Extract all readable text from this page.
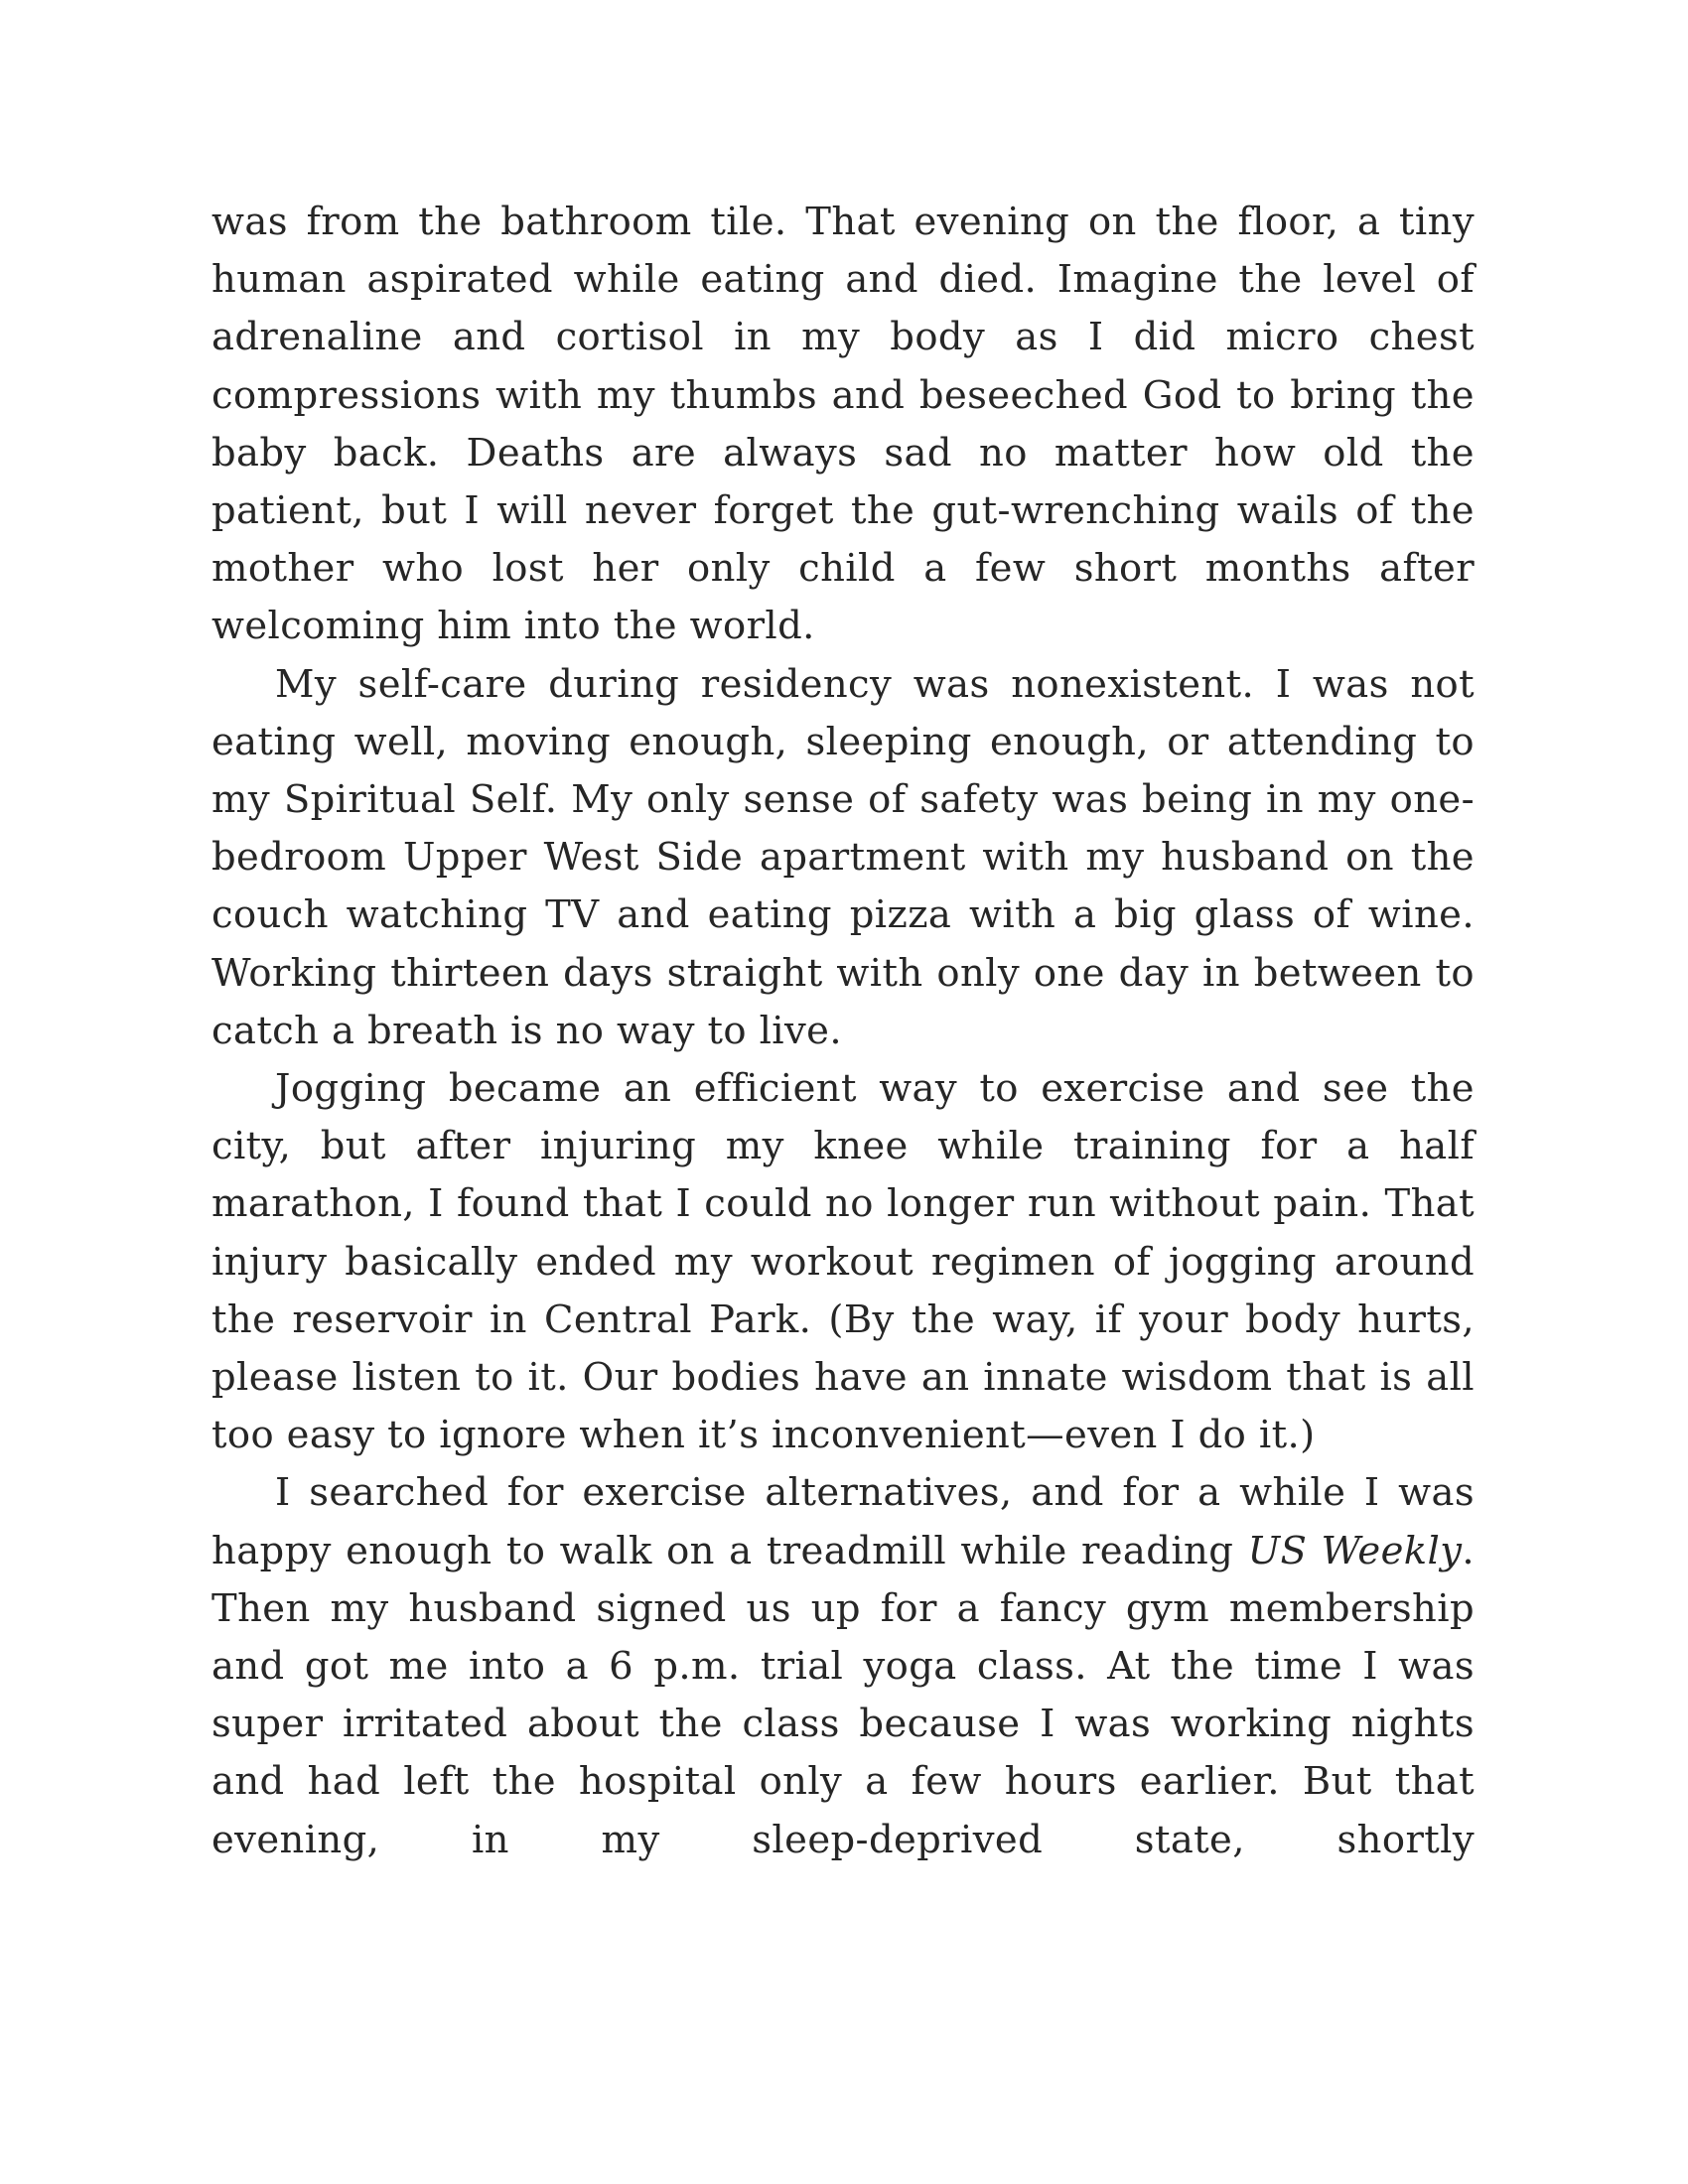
was from the bathroom tile. That evening on the floor, a tiny human aspirated while eating and died. Imagine the level of adrenaline and cortisol in my body as I did micro chest compressions with my thumbs and beseeched God to bring the baby back. Deaths are always sad no matter how old the patient, but I will never forget the gut-wrenching wails of the mother who lost her only child a few short months after welcoming him into the world.

My self-care during residency was nonexistent. I was not eating well, moving enough, sleeping enough, or attending to my Spiritual Self. My only sense of safety was being in my one-bedroom Upper West Side apartment with my husband on the couch watching TV and eating pizza with a big glass of wine. Working thirteen days straight with only one day in between to catch a breath is no way to live.

Jogging became an efficient way to exercise and see the city, but after injuring my knee while training for a half marathon, I found that I could no longer run without pain. That injury basically ended my workout regimen of jogging around the reservoir in Central Park. (By the way, if your body hurts, please listen to it. Our bodies have an innate wisdom that is all too easy to ignore when it’s inconvenient—even I do it.)

I searched for exercise alternatives, and for a while I was happy enough to walk on a treadmill while reading US Weekly. Then my husband signed us up for a fancy gym membership and got me into a 6 p.m. trial yoga class. At the time I was super irritated about the class because I was working nights and had left the hospital only a few hours earlier. But that evening, in my sleep-deprived state, shortly
